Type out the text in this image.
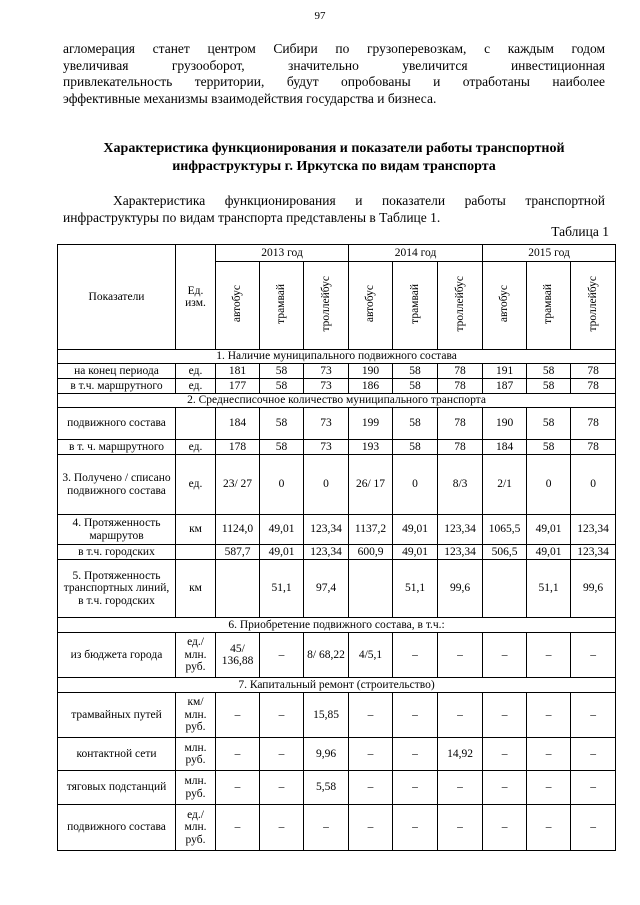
97
агломерация станет центром Сибири по грузоперевозкам, с каждым годом
увеличивая грузооборот, значительно увеличится инвестиционная
привлекательность территории, будут опробованы и отработаны наиболее
эффективные механизмы взаимодействия государства и бизнеса.
Характеристика функционирования и показатели работы транспортной
инфраструктуры г. Иркутска по видам транспорта
Характеристика функционирования и показатели работы транспортной
инфраструктуры по видам транспорта представлены в Таблице 1.
Таблица 1
Показатели	Ед. изм.	2013 год			2014 год			2015 год		
		автобус	трамвай	троллейбус	автобус	трамвай	троллейбус	автобус	трамвай	троллейбус
1. Наличие муниципального подвижного состава										
на конец периода	ед.	181	58	73	190	58	78	191	58	78
в т.ч. маршрутного	ед.	177	58	73	186	58	78	187	58	78
2. Среднесписочное количество муниципального транспорта										
подвижного состава		184	58	73	199	58	78	190	58	78
в т. ч. маршрутного	ед.	178	58	73	193	58	78	184	58	78
3. Получено / списано подвижного состава	ед.	23/ 27	0	0	26/ 17	0	8/3	2/1	0	0
4. Протяженность маршрутов	км	1124,0	49,01	123,34	1137,2	49,01	123,34	1065,5	49,01	123,34
в т.ч. городских		587,7	49,01	123,34	600,9	49,01	123,34	506,5	49,01	123,34
5. Протяженность транспортных линий, в т.ч. городских	км		51,1	97,4		51,1	99,6		51,1	99,6
6. Приобретение подвижного состава, в т.ч.:										
из бюджета города	ед./ млн. руб.	45/ 136,88	–	8/ 68,22	4/5,1	–	–	–	–	–
7. Капитальный ремонт (строительство)										
трамвайных путей	км/ млн. руб.	–	–	15,85	–	–	–	–	–	–
контактной сети	млн. руб.	–	–	9,96	–	–	14,92	–	–	–
тяговых подстанций	млн. руб.	–	–	5,58	–	–	–	–	–	–
подвижного состава	ед./ млн. руб.	–	–	–	–	–	–	–	–	–
